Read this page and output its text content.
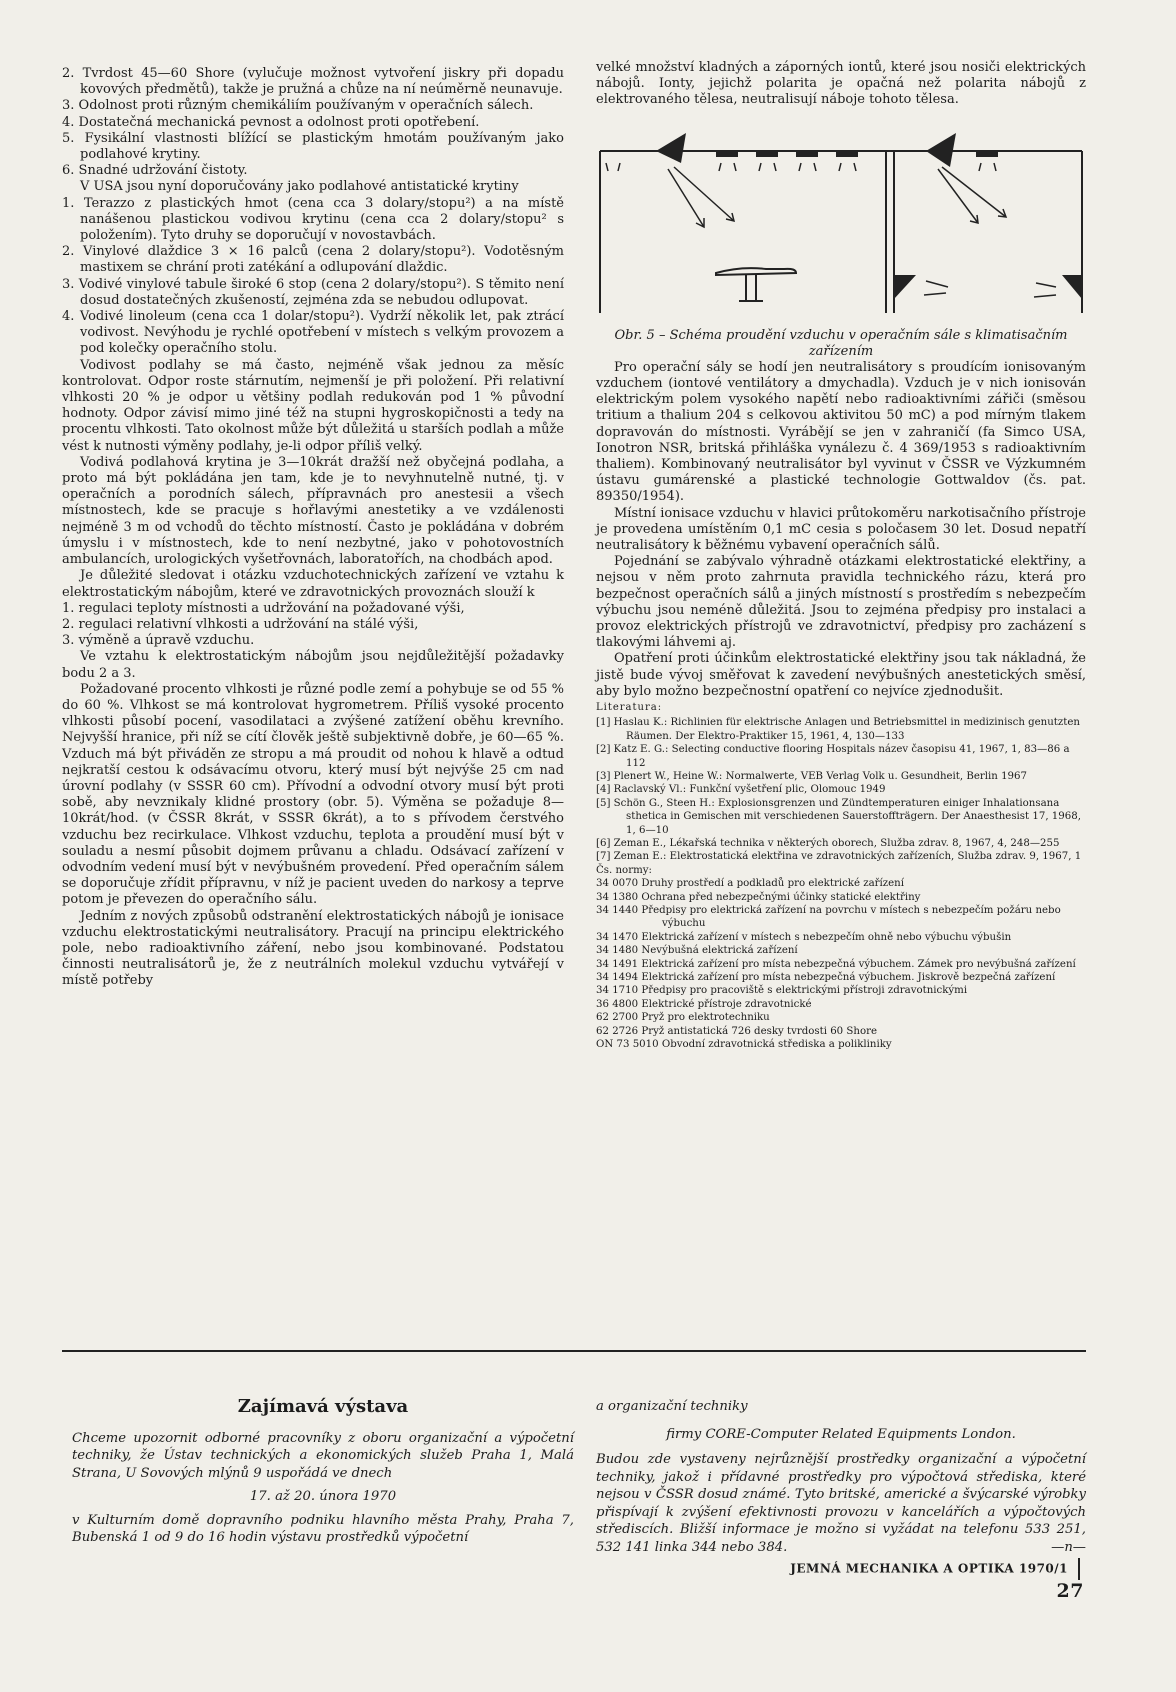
2. Tvrdost 45—60 Shore (vylučuje možnost vytvoření jiskry při dopadu kovových předmětů), takže je pružná a chůze na ní neúměrně neunavuje.

3. Odolnost proti různým chemikáliím používaným v operačních sálech.

4. Dostatečná mechanická pevnost a odolnost proti opotřebení.

5. Fysikální vlastnosti blížící se plastickým hmotám používaným jako podlahové krytiny.

6. Snadné udržování čistoty.

V USA jsou nyní doporučovány jako podlahové antistatické krytiny

1. Terazzo z plastických hmot (cena cca 3 dolary/stopu²) a na místě nanášenou plastickou vodivou krytinu (cena cca 2 dolary/stopu² s položením). Tyto druhy se doporučují v novostavbách.

2. Vinylové dlaždice 3 × 16 palců (cena 2 dolary/stopu²). Vodotěsným mastixem se chrání proti zatékání a odlupování dlaždic.

3. Vodivé vinylové tabule široké 6 stop (cena 2 dolary/stopu²). S těmito není dosud dostatečných zkušeností, zejména zda se nebudou odlupovat.

4. Vodivé linoleum (cena cca 1 dolar/stopu²). Vydrží několik let, pak ztrácí vodivost. Nevýhodu je rychlé opotřebení v místech s velkým provozem a pod kolečky operačního stolu.

Vodivost podlahy se má často, nejméně však jednou za měsíc kontrolovat. Odpor roste stárnutím, nejmenší je při položení. Při relativní vlhkosti 20 % je odpor u většiny podlah redukován pod 1 % původní hodnoty. Odpor závisí mimo jiné též na stupni hygroskopičnosti a tedy na procentu vlhkosti. Tato okolnost může být důležitá u starších podlah a může vést k nutnosti výměny podlahy, je-li odpor příliš velký.

Vodivá podlahová krytina je 3—10krát dražší než obyčejná podlaha, a proto má být pokládána jen tam, kde je to nevyhnutelně nutné, tj. v operačních a porodních sálech, přípravnách pro anestesii a všech místnostech, kde se pracuje s hořlavými anestetiky a ve vzdálenosti nejméně 3 m od vchodů do těchto místností. Často je pokládána v dobrém úmyslu i v místnostech, kde to není nezbytné, jako v pohotovostních ambulancích, urologických vyšetřovnách, laboratořích, na chodbách apod.

Je důležité sledovat i otázku vzduchotechnických zařízení ve vztahu k elektrostatickým nábojům, které ve zdravotnických provoznách slouží k

1. regulaci teploty místnosti a udržování na požadované výši,

2. regulaci relativní vlhkosti a udržování na stálé výši,

3. výměně a úpravě vzduchu.

Ve vztahu k elektrostatickým nábojům jsou nejdůležitější požadavky bodu 2 a 3.

Požadované procento vlhkosti je různé podle zemí a pohybuje se od 55 % do 60 %. Vlhkost se má kontrolovat hygrometrem. Příliš vysoké procento vlhkosti působí pocení, vasodilataci a zvýšené zatížení oběhu krevního. Nejvyšší hranice, při níž se cítí člověk ještě subjektivně dobře, je 60—65 %. Vzduch má být přiváděn ze stropu a má proudit od nohou k hlavě a odtud nejkratší cestou k odsávacímu otvoru, který musí být nejvýše 25 cm nad úrovní podlahy (v SSSR 60 cm). Přívodní a odvodní otvory musí být proti sobě, aby nevznikaly klidné prostory (obr. 5). Výměna se požaduje 8—10krát/hod. (v ČSSR 8krát, v SSSR 6krát), a to s přívodem čerstvého vzduchu bez recirkulace. Vlhkost vzduchu, teplota a proudění musí být v souladu a nesmí působit dojmem průvanu a chladu. Odsávací zařízení v odvodním vedení musí být v nevýbušném provedení. Před operačním sálem se doporučuje zřídit přípravnu, v níž je pacient uveden do narkosy a teprve potom je převezen do operačního sálu.

Jedním z nových způsobů odstranění elektrostatických nábojů je ionisace vzduchu elektrostatickými neutralisátory. Pracují na principu elektrického pole, nebo radioaktivního záření, nebo jsou kombinované. Podstatou činnosti neutralisátorů je, že z neutrálních molekul vzduchu vytvářejí v místě potřeby

velké množství kladných a záporných iontů, které jsou nosiči elektrických nábojů. Ionty, jejichž polarita je opačná než polarita nábojů z elektrovaného tělesa, neutralisují náboje tohoto tělesa.

Obr. 5 – Schéma proudění vzduchu v operačním sále s klimatisačním zařízením

Pro operační sály se hodí jen neutralisátory s proudícím ionisovaným vzduchem (iontové ventilátory a dmychadla). Vzduch je v nich ionisován elektrickým polem vysokého napětí nebo radioaktivními zářiči (směsou tritium a thalium 204 s celkovou aktivitou 50 mC) a pod mírným tlakem dopravován do místnosti. Vyrábějí se jen v zahraničí (fa Simco USA, Ionotron NSR, britská přihláška vynálezu č. 4 369/1953 s radioaktivním thaliem). Kombinovaný neutralisátor byl vyvinut v ČSSR ve Výzkumném ústavu gumárenské a plastické technologie Gottwaldov (čs. pat. 89350/1954).

Místní ionisace vzduchu v hlavici průtokoměru narkotisačního přístroje je provedena umístěním 0,1 mC cesia s poločasem 30 let. Dosud nepatří neutralisátory k běžnému vybavení operačních sálů.

Pojednání se zabývalo výhradně otázkami elektrostatické elektřiny, a nejsou v něm proto zahrnuta pravidla technického rázu, která pro bezpečnost operačních sálů a jiných místností s prostředím s nebezpečím výbuchu jsou neméně důležitá. Jsou to zejména předpisy pro instalaci a provoz elektrických přístrojů ve zdravotnictví, předpisy pro zacházení s tlakovými láhvemi aj.

Opatření proti účinkům elektrostatické elektřiny jsou tak nákladná, že jistě bude vývoj směřovat k zavedení nevýbušných anestetických směsí, aby bylo možno bezpečnostní opatření co nejvíce zjednodušit.

Literatura:

[1] Haslau K.: Richlinien für elektrische Anlagen und Betriebsmittel in medizinisch genutzten Räumen. Der Elektro-Praktiker 15, 1961, 4, 130—133

[2] Katz E. G.: Selecting conductive flooring Hospitals název časopisu 41, 1967, 1, 83—86 a 112

[3] Plenert W., Heine W.: Normalwerte, VEB Verlag Volk u. Gesundheit, Berlin 1967

[4] Raclavský Vl.: Funkční vyšetření plic, Olomouc 1949

[5] Schön G., Steen H.: Explosionsgrenzen und Zündtemperaturen einiger Inhalationsana sthetica in Gemischen mit verschiedenen Sauerstoffträgern. Der Anaesthesist 17, 1968, 1, 6—10

[6] Zeman E., Lékařská technika v některých oborech, Služba zdrav. 8, 1967, 4, 248—255

[7] Zeman E.: Elektrostatická elektřina ve zdravotnických zařízeních, Služba zdrav. 9, 1967, 1

Čs. normy:

34 0070 Druhy prostředí a podkladů pro elektrické zařízení

34 1380 Ochrana před nebezpečnými účinky statické elektřiny

34 1440 Předpisy pro elektrická zařízení na povrchu v místech s nebezpečím požáru nebo výbuchu

34 1470 Elektrická zařízení v místech s nebezpečím ohně nebo výbuchu výbušin

34 1480 Nevýbušná elektrická zařízení

34 1491 Elektrická zařízení pro místa nebezpečná výbuchem. Zámek pro nevýbušná zařízení

34 1494 Elektrická zařízení pro místa nebezpečná výbuchem. Jiskrově bezpečná zařízení

34 1710 Předpisy pro pracoviště s elektrickými přístroji zdravotnickými

36 4800 Elektrické přístroje zdravotnické

62 2700 Pryž pro elektrotechniku

62 2726 Pryž antistatická 726 desky tvrdosti 60 Shore

ON 73 5010 Obvodní zdravotnická střediska a polikliniky

Zajímavá výstava

Chceme upozornit odborné pracovníky z oboru organizační a výpočetní techniky, že Ústav technických a ekonomických služeb Praha 1, Malá Strana, U Sovových mlýnů 9 uspořádá ve dnech

17. až 20. února 1970

v Kulturním domě dopravního podniku hlavního města Prahy, Praha 7, Bubenská 1 od 9 do 16 hodin výstavu prostředků výpočetní

a organizační techniky

firmy CORE-Computer Related Equipments London.

Budou zde vystaveny nejrůznější prostředky organizační a výpočetní techniky, jakož i přídavné prostředky pro výpočtová střediska, které nejsou v ČSSR dosud známé. Tyto britské, americké a švýcarské výrobky přispívají k zvýšení efektivnosti provozu v kancelářích a výpočtových střediscích. Bližší informace je možno si vyžádat na telefonu 533 251, 532 141 linka 344 nebo 384.	—n—

JEMNÁ MECHANIKA A OPTIKA 1970/127
